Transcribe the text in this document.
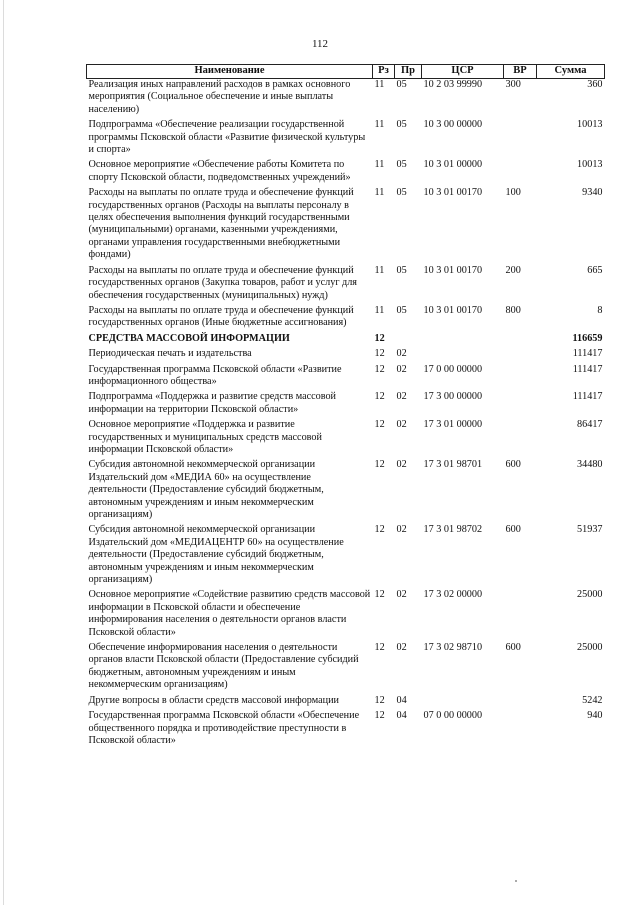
112
Наименование	Рз	Пр	ЦСР	ВР	Сумма
Реализация иных направлений расходов в рамках основного мероприятия (Социальное обеспечение и иные выплаты населению)	11	05	10 2 03 99990	300	360
Подпрограмма «Обеспечение реализации государственной программы Псковской области «Развитие физической культуры и спорта»	11	05	10 3 00 00000		10013
Основное мероприятие «Обеспечение работы Комитета по спорту Псковской области, подведомственных учреждений»	11	05	10 3 01 00000		10013
Расходы на выплаты по оплате труда и обеспечение функций государственных органов (Расходы на выплаты персоналу в целях обеспечения выполнения функций государственными (муниципальными) органами, казенными учреждениями, органами управления государственными внебюджетными фондами)	11	05	10 3 01 00170	100	9340
Расходы на выплаты по оплате труда и обеспечение функций государственных органов (Закупка товаров, работ и услуг для обеспечения государственных (муниципальных) нужд)	11	05	10 3 01 00170	200	665
Расходы на выплаты по оплате труда и обеспечение функций государственных органов (Иные бюджетные ассигнования)	11	05	10 3 01 00170	800	8
СРЕДСТВА МАССОВОЙ ИНФОРМАЦИИ	12				116659
Периодическая печать и издательства	12	02			111417
Государственная программа Псковской области «Развитие информационного общества»	12	02	17 0 00 00000		111417
Подпрограмма «Поддержка и развитие средств массовой информации на территории Псковской области»	12	02	17 3 00 00000		111417
Основное мероприятие «Поддержка и развитие государственных и муниципальных средств массовой информации Псковской области»	12	02	17 3 01 00000		86417
Субсидия автономной некоммерческой организации Издательский дом «МЕДИА 60» на осуществление деятельности (Предоставление субсидий бюджетным, автономным учреждениям и иным некоммерческим организациям)	12	02	17 3 01 98701	600	34480
Субсидия автономной некоммерческой организации Издательский дом «МЕДИАЦЕНТР 60» на осуществление деятельности (Предоставление субсидий бюджетным, автономным учреждениям и иным некоммерческим организациям)	12	02	17 3 01 98702	600	51937
Основное мероприятие «Содействие развитию средств массовой информации в Псковской области и обеспечение информирования населения о деятельности органов власти Псковской области»	12	02	17 3 02 00000		25000
Обеспечение информирования населения о деятельности органов власти Псковской области (Предоставление субсидий бюджетным, автономным учреждениям и иным некоммерческим организациям)	12	02	17 3 02 98710	600	25000
Другие вопросы в области средств массовой информации	12	04			5242
Государственная программа Псковской области «Обеспечение общественного порядка и противодействие преступности в Псковской области»	12	04	07 0 00 00000		940
